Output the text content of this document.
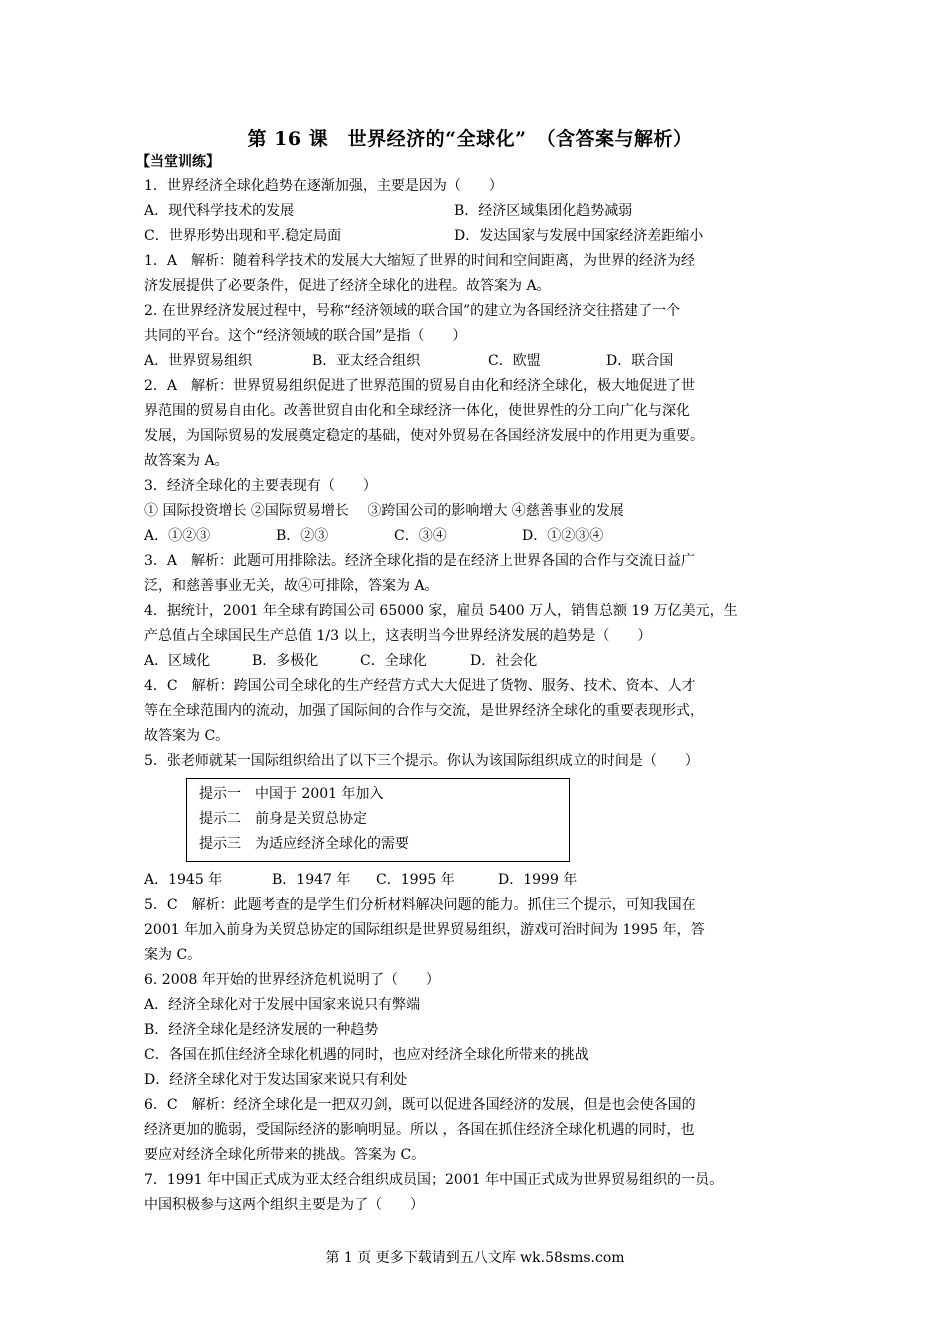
第 16 课　世界经济的“全球化”　（含答案与解析）
【当堂训练】
1．世界经济全球化趋势在逐渐加强，主要是因为（　　）
A．现代科学技术的发展	B．经济区域集团化趋势减弱
C．世界形势出现和平.稳定局面	D．发达国家与发展中国家经济差距缩小
1．A　解析：随着科学技术的发展大大缩短了世界的时间和空间距离，为世界的经济为经
济发展提供了必要条件，促进了经济全球化的进程。故答案为 A。
2. 在世界经济发展过程中，号称“经济领域的联合国”的建立为各国经济交往搭建了一个
共同的平台。这个“经济领域的联合国”是指（　　）
A．世界贸易组织	B．亚太经合组织	C．欧盟	D．联合国
2．A　解析：世界贸易组织促进了世界范围的贸易自由化和经济全球化，极大地促进了世
界范围的贸易自由化。改善世贸自由化和全球经济一体化，使世界性的分工向广化与深化
发展，为国际贸易的发展奠定稳定的基础，使对外贸易在各国经济发展中的作用更为重要。
故答案为 A。
3．经济全球化的主要表现有（　　）
① 国际投资增长 ②国际贸易增长　 ③跨国公司的影响增大 ④慈善事业的发展
A．①②③	B．②③	C．③④	D．①②③④
3．A　解析：此题可用排除法。经济全球化指的是在经济上世界各国的合作与交流日益广
泛，和慈善事业无关，故④可排除，答案为 A。
4．据统计，2001 年全球有跨国公司 65000 家，雇员 5400 万人，销售总额 19 万亿美元，生
产总值占全球国民生产总值 1/3 以上，这表明当今世界经济发展的趋势是（　　）
A．区域化	B．多极化	C．全球化	D．社会化
4．C　解析：跨国公司全球化的生产经营方式大大促进了货物、服务、技术、资本、人才
等在全球范围内的流动，加强了国际间的合作与交流，是世界经济全球化的重要表现形式，
故答案为 C。
5．张老师就某一国际组织给出了以下三个提示。你认为该国际组织成立的时间是（　　）
提示一　中国于 2001 年加入
提示二　前身是关贸总协定
提示三　为适应经济全球化的需要
A．1945 年	B．1947 年 C．1995 年	D．1999 年
5．C　解析：此题考查的是学生们分析材料解决问题的能力。抓住三个提示，可知我国在
2001 年加入前身为关贸总协定的国际组织是世界贸易组织，游戏可治时间为 1995 年，答
案为 C。
6. 2008 年开始的世界经济危机说明了（　　）
A．经济全球化对于发展中国家来说只有弊端
B．经济全球化是经济发展的一种趋势
C．各国在抓住经济全球化机遇的同时，也应对经济全球化所带来的挑战
D．经济全球化对于发达国家来说只有利处
6．C　解析：经济全球化是一把双刃剑，既可以促进各国经济的发展，但是也会使各国的
经济更加的脆弱，受国际经济的影响明显。所以 ，各国在抓住经济全球化机遇的同时，也
要应对经济全球化所带来的挑战。答案为 C。
7．1991 年中国正式成为亚太经合组织成员国；2001 年中国正式成为世界贸易组织的一员。
中国积极参与这两个组织主要是为了（　　）
第 1 页 更多下载请到五八文库 wk.58sms.com
